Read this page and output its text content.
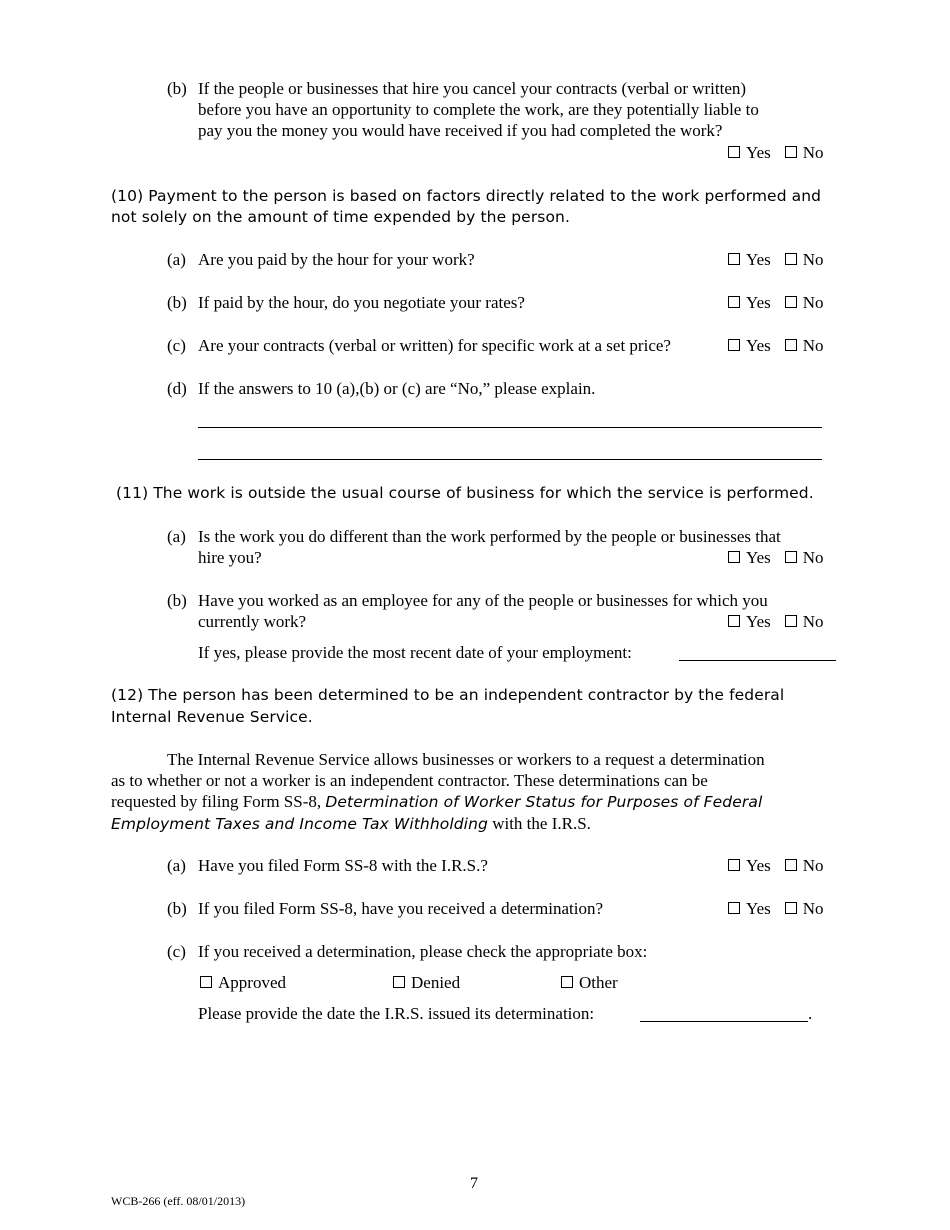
(b) If the people or businesses that hire you cancel your contracts (verbal or written)
before you have an opportunity to complete the work, are they potentially liable to
pay you the money you would have received if you had completed the work?
Yes No
(10) Payment to the person is based on factors directly related to the work performed and
not solely on the amount of time expended by the person.
(a) Are you paid by the hour for your work?	Yes No
(b) If paid by the hour, do you negotiate your rates?	Yes No
(c) Are your contracts (verbal or written) for specific work at a set price?	Yes No
(d) If the answers to 10 (a),(b) or (c) are “No,” please explain.
(11) The work is outside the usual course of business for which the service is performed.
(a) Is the work you do different than the work performed by the people or businesses that
hire you?	Yes No
(b) Have you worked as an employee for any of the people or businesses for which you
currently work?	Yes No
If yes, please provide the most recent date of your employment:
(12) The person has been determined to be an independent contractor by the federal
Internal Revenue Service.
The Internal Revenue Service allows businesses or workers to a request a determination
as to whether or not a worker is an independent contractor. These determinations can be
requested by filing Form SS-8, Determination of Worker Status for Purposes of Federal
Employment Taxes and Income Tax Withholding with the I.R.S.
(a) Have you filed Form SS-8 with the I.R.S.?	Yes No
(b) If you filed Form SS-8, have you received a determination?	Yes No
(c) If you received a determination, please check the appropriate box:
Approved	Denied	Other
Please provide the date the I.R.S. issued its determination:	.
7
WCB-266 (eff. 08/01/2013)
